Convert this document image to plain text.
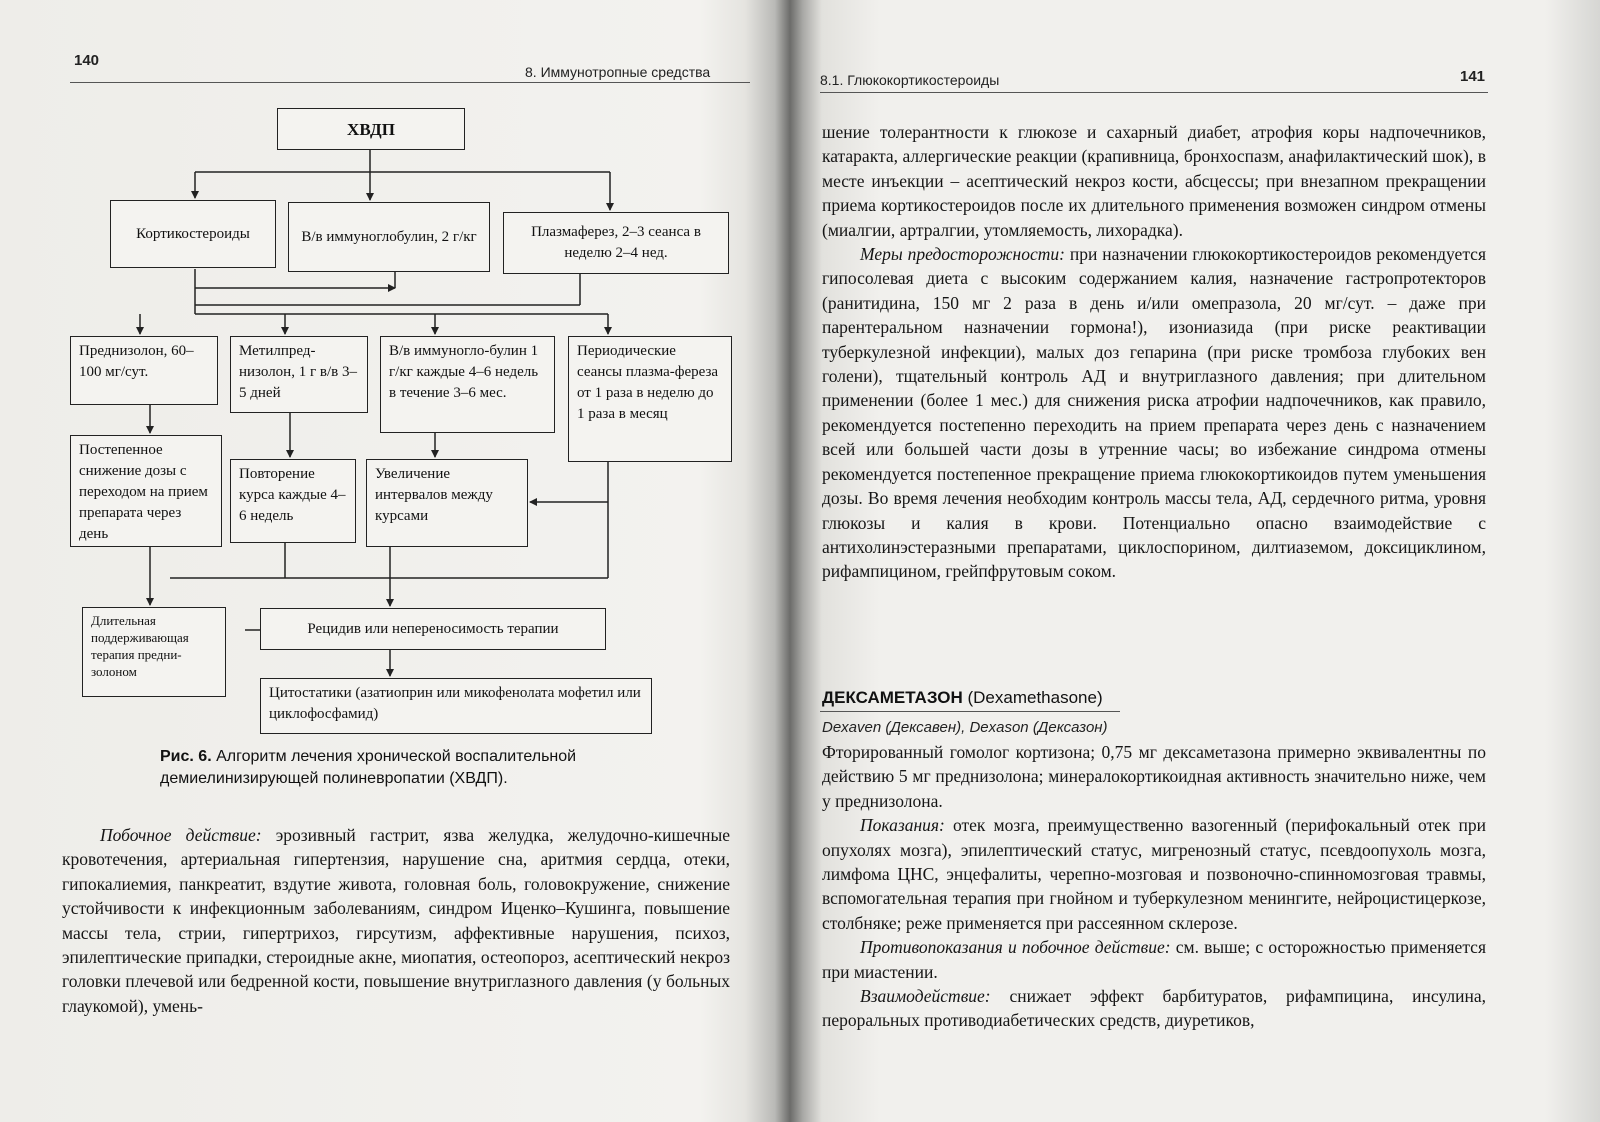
140
8. Иммунотропные средства
ХВДП
Кортикостероиды	В/в иммуноглобулин, 2 г/кг	Плазмаферез, 2–3 сеанса в неделю 2–4 нед.
Преднизолон, 60–100 мг/сут.
Метилпред-низолон, 1 г в/в 3–5 дней
В/в иммуногло-булин 1 г/кг каждые 4–6 недель в течение 3–6 мес.
Периодические сеансы плазма-фереза от 1 раза в неделю до 1 раза в месяц
Постепенное снижение дозы с переходом на прием препарата через день
Повторение курса каждые 4–6 недель
Увеличение интервалов между курсами
Длительная поддерживающая терапия предни-золоном
Рецидив или непереносимость терапии
Цитостатики (азатиоприн или микофенолата мофетил или циклофосфамид)
Рис. 6. Алгоритм лечения хронической воспалительной демиелинизирующей полиневропатии (ХВДП).

Побочное действие: эрозивный гастрит, язва желудка, желудочно-кишечные кровотечения, артериальная гипертензия, нарушение сна, аритмия сердца, отеки, гипокалиемия, панкреатит, вздутие живота, головная боль, головокружение, снижение устойчивости к инфекционным заболеваниям, синдром Иценко–Кушинга, повышение массы тела, стрии, гипертрихоз, гирсутизм, аффективные нарушения, психоз, эпилептические припадки, стероидные акне, миопатия, остеопороз, асептический некроз головки плечевой или бедренной кости, повышение внутриглазного давления (у больных глаукомой), умень-

8.1. Глюкокортикостероиды	141

шение толерантности к глюкозе и сахарный диабет, атрофия коры надпочечников, катаракта, аллергические реакции (крапивница, бронхоспазм, анафилактический шок), в месте инъекции – асептический некроз кости, абсцессы; при внезапном прекращении приема кортикостероидов после их длительного применения возможен синдром отмены (миалгии, артралгии, утомляемость, лихорадка).

Меры предосторожности: при назначении глюкокортикостероидов рекомендуется гипосолевая диета с высоким содержанием калия, назначение гастропротекторов (ранитидина, 150 мг 2 раза в день и/или омепразола, 20 мг/сут. – даже при парентеральном назначении гормона!), изониазида (при риске реактивации туберкулезной инфекции), малых доз гепарина (при риске тромбоза глубоких вен голени), тщательный контроль АД и внутриглазного давления; при длительном применении (более 1 мес.) для снижения риска атрофии надпочечников, как правило, рекомендуется постепенно переходить на прием препарата через день с назначением всей или большей части дозы в утренние часы; во избежание синдрома отмены рекомендуется постепенное прекращение приема глюкокортикоидов путем уменьшения дозы. Во время лечения необходим контроль массы тела, АД, сердечного ритма, уровня глюкозы и калия в крови. Потенциально опасно взаимодействие с антихолинэстеразными препаратами, циклоспорином, дилтиаземом, доксициклином, рифампицином, грейпфрутовым соком.

ДЕКСАМЕТАЗОН (Dexamethasone)
Dexaven (Дексавен), Dexason (Дексазон)

Фторированный гомолог кортизона; 0,75 мг дексаметазона примерно эквивалентны по действию 5 мг преднизолона; минералокортикоидная активность значительно ниже, чем у преднизолона.

Показания: отек мозга, преимущественно вазогенный (перифокальный отек при опухолях мозга), эпилептический статус, мигренозный статус, псевдоопухоль мозга, лимфома ЦНС, энцефалиты, черепно-мозговая и позвоночно-спинномозговая травмы, вспомогательная терапия при гнойном и туберкулезном менингите, нейроцистицеркозе, столбняке; реже применяется при рассеянном склерозе.

Противопоказания и побочное действие: см. выше; с осторожностью применяется при миастении.

Взаимодействие: снижает эффект барбитуратов, рифампицина, инсулина, пероральных противодиабетических средств, диуретиков,
